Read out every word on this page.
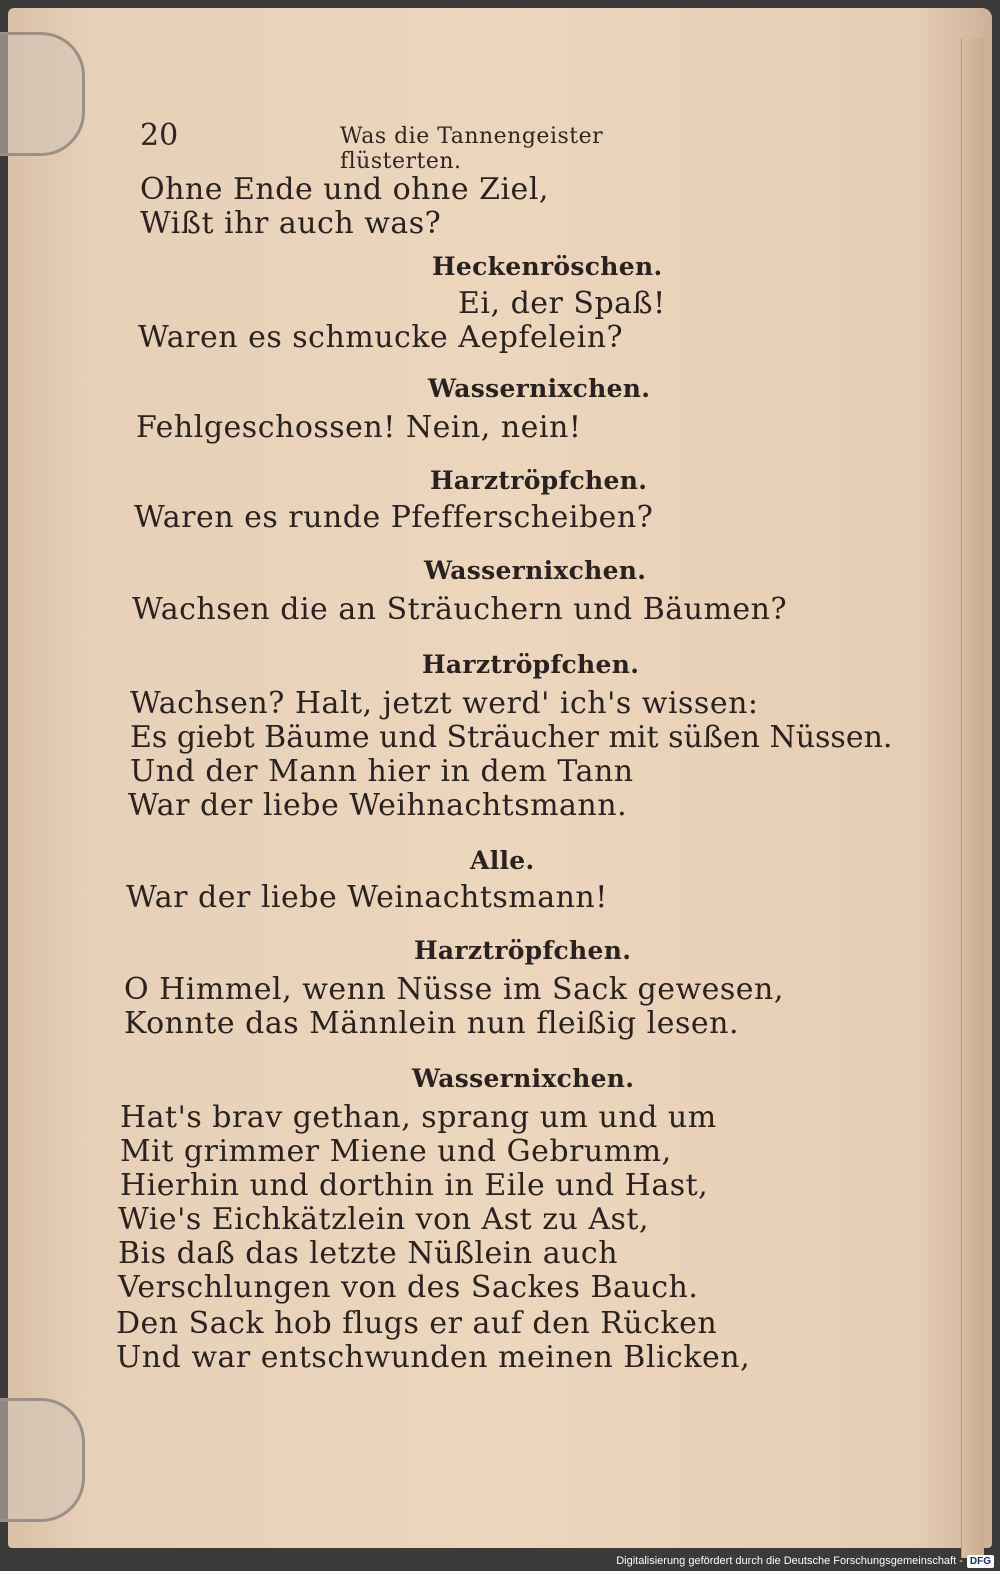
20	Was die Tannengeister flüsterten.
Ohne Ende und ohne Ziel,
Wißt ihr auch was?
Heckenröschen.
Ei, der Spaß!
Waren es schmucke Aepfelein?
Wassernixchen.
Fehlgeschossen! Nein, nein!
Harztröpfchen.
Waren es runde Pfefferscheiben?
Wassernixchen.
Wachsen die an Sträuchern und Bäumen?
Harztröpfchen.
Wachsen? Halt, jetzt werd' ich's wissen:
Es giebt Bäume und Sträucher mit süßen Nüssen.
Und der Mann hier in dem Tann
War der liebe Weihnachtsmann.
Alle.
War der liebe Weinachtsmann!
Harztröpfchen.
O Himmel, wenn Nüsse im Sack gewesen,
Konnte das Männlein nun fleißig lesen.
Wassernixchen.
Hat's brav gethan, sprang um und um
Mit grimmer Miene und Gebrumm,
Hierhin und dorthin in Eile und Hast,
Wie's Eichkätzlein von Ast zu Ast,
Bis daß das letzte Nüßlein auch
Verschlungen von des Sackes Bauch.
Den Sack hob flugs er auf den Rücken
Und war entschwunden meinen Blicken,
Digitalisierung gefördert durch die Deutsche Forschungsgemeinschaft - DFG
